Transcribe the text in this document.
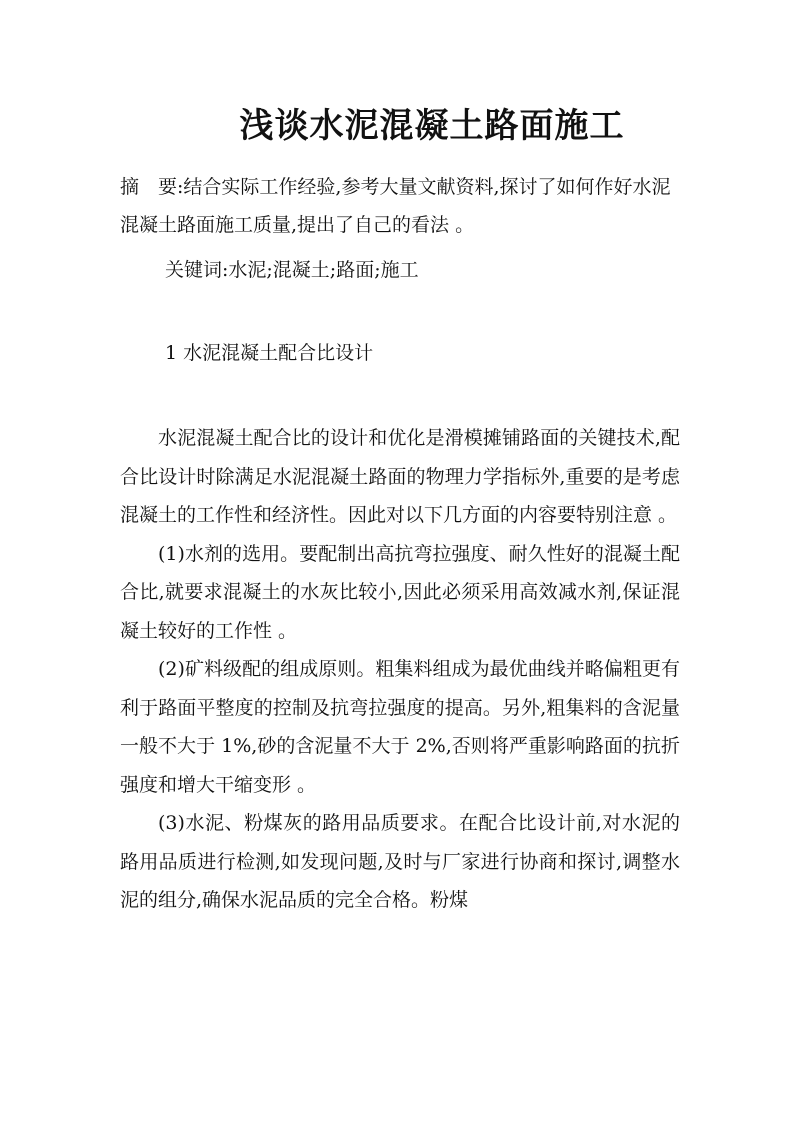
浅谈水泥混凝土路面施工

摘　要:结合实际工作经验,参考大量文献资料,探讨了如何作好水泥混凝土路面施工质量,提出了自己的看法 。

关键词:水泥;混凝土;路面;施工

1 水泥混凝土配合比设计

水泥混凝土配合比的设计和优化是滑模摊铺路面的关键技术,配合比设计时除满足水泥混凝土路面的物理力学指标外,重要的是考虑混凝土的工作性和经济性。因此对以下几方面的内容要特别注意 。

(1)水剂的选用。要配制出高抗弯拉强度、耐久性好的混凝土配合比,就要求混凝土的水灰比较小,因此必须采用高效减水剂,保证混凝土较好的工作性 。

(2)矿料级配的组成原则。粗集料组成为最优曲线并略偏粗更有利于路面平整度的控制及抗弯拉强度的提高。另外,粗集料的含泥量一般不大于 1%,砂的含泥量不大于 2%,否则将严重影响路面的抗折强度和增大干缩变形 。

(3)水泥、粉煤灰的路用品质要求。在配合比设计前,对水泥的路用品质进行检测,如发现问题,及时与厂家进行协商和探讨,调整水泥的组分,确保水泥品质的完全合格。粉煤
